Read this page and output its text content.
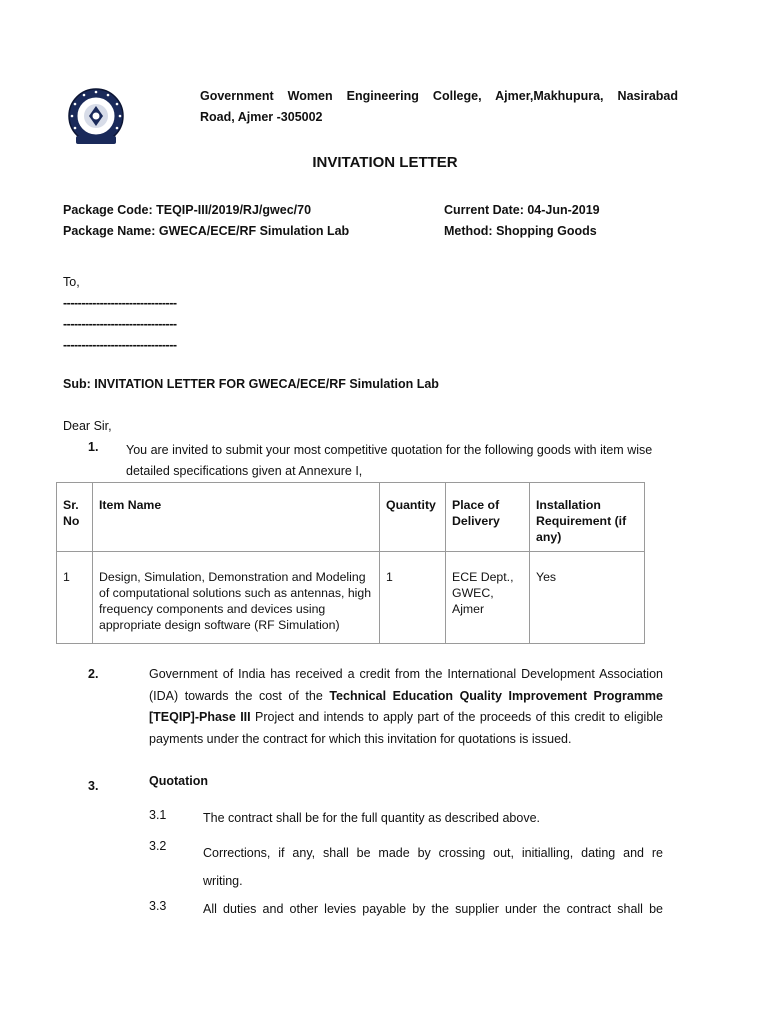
Government Women Engineering College, Ajmer,Makhupura, Nasirabad
Road, Ajmer -305002
INVITATION LETTER
Package Code: TEQIP-III/2019/RJ/gwec/70
Package Name: GWECA/ECE/RF Simulation Lab
Current Date: 04-Jun-2019
Method: Shopping Goods
To,
-------------------------------
-------------------------------
-------------------------------
Sub: INVITATION LETTER FOR GWECA/ECE/RF Simulation Lab
Dear Sir,
1. You are invited to submit your most competitive quotation for the following goods with item wise
detailed specifications given at Annexure I,
Sr. No	Item Name	Quantity	Place of Delivery	Installation Requirement (if any)
1	Design, Simulation, Demonstration and Modeling of computational solutions such as antennas, high frequency components and devices using appropriate design software (RF Simulation)	1	ECE Dept., GWEC, Ajmer	Yes
2.	Government of India has received a credit from the International Development Association (IDA) towards the cost of the Technical Education Quality Improvement Programme [TEQIP]-Phase III Project and intends to apply part of the proceeds of this credit to eligible payments under the contract for which this invitation for quotations is issued.
3.	Quotation
3.1	The contract shall be for the full quantity as described above.
3.2	Corrections, if any, shall be made by crossing out, initialling, dating and re
writing.
3.3	All duties and other levies payable by the supplier under the contract shall be
